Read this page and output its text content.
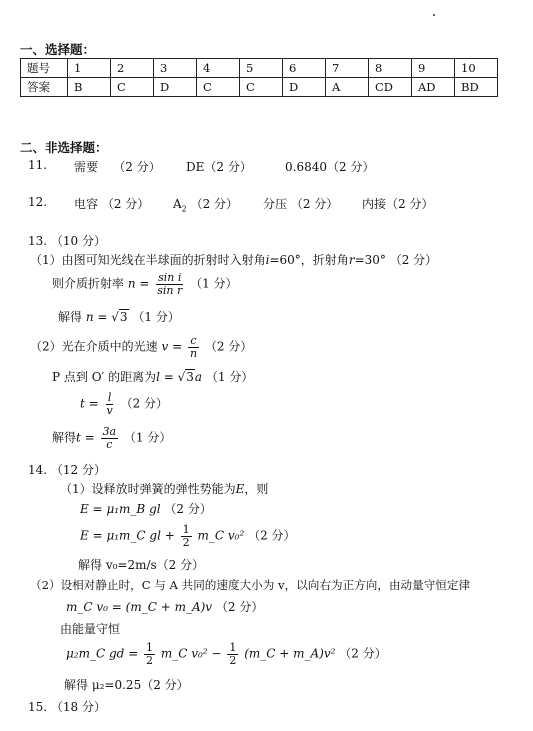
一、选择题：
题号	1	2	3	4	5	6	7	8	9	10
答案	B	C	D	C	C	D	A	CD	AD	BD
二、非选择题：
11. 需要 （2 分） DE（2 分）	0.6840（2 分）
12. 电容 （2 分） $A_2$ （2 分） 分压 （2 分） 内接（2 分）
13. （10 分）
（1）由图可知光线在半球面的折射时入射角i=60°，折射角r=30° （2 分）
则介质折射率 $n = \frac{\text{sin i}}{\text{sin r}} (1$ 分）
解得 n = √3 （1 分）
（2）光在介质中的光速 $v = \frac{c}{n} (2$ 分）
P 点到 O′ 的距离为l = √3a （1 分）
$t = \frac{l}{v} (2$ 分）
解得$t = \frac{3a}{c} (1$ 分）
14. （12 分）
（1）设释放时弹簧的弹性势能为E，则
E = μ₁m_B gl （2 分）
E = μ₁m_C gl + $\frac{1}{2}$ m_C v₀² （2 分）
解得 v₀=2m/s（2 分）
（2）设相对静止时，C 与 A 共同的速度大小为 v，以向右为正方向，由动量守恒定律
m_C v₀ = (m_C + m_A)v （2 分）
由能量守恒
μ₂m_C gd = $\frac{1}{2}$ m_C $v_0^2 - \frac{1}{2}$ (m_C + m_A)v² （2 分）
解得 μ₂=0.25（2 分）
15. （18 分）
